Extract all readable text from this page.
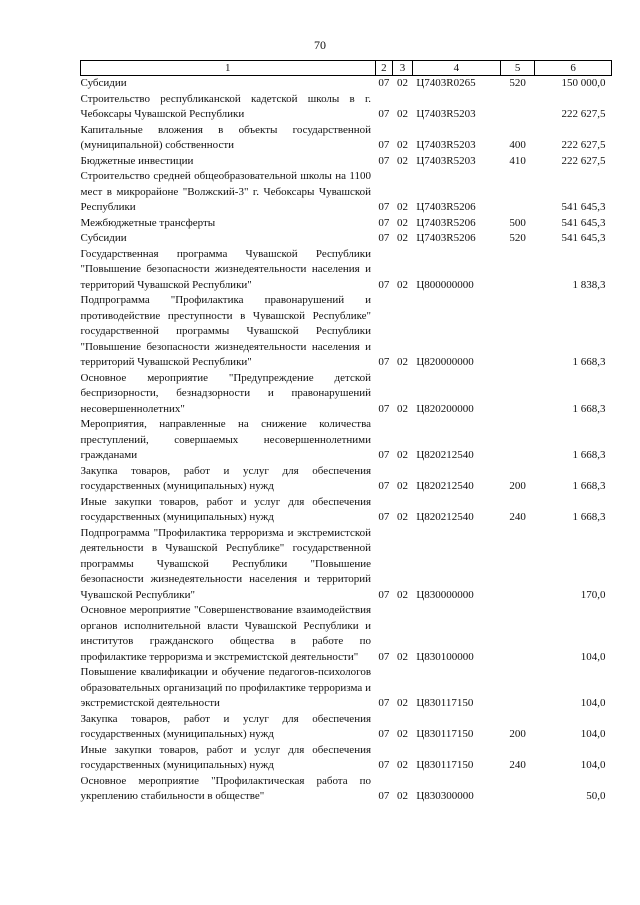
70
1	2	3	4	5	6
Субсидии	07	02	Ц7403R0265	520	150 000,0
Строительство республиканской кадетской школы в г. Чебоксары Чувашской Республики	07	02	Ц7403R5203		222 627,5
Капитальные вложения в объекты государственной (муниципальной) собственности	07	02	Ц7403R5203	400	222 627,5
Бюджетные инвестиции	07	02	Ц7403R5203	410	222 627,5
Строительство средней общеобразовательной школы на 1100 мест в микрорайоне "Волжский-3" г. Чебоксары Чувашской Республики	07	02	Ц7403R5206		541 645,3
Межбюджетные трансферты	07	02	Ц7403R5206	500	541 645,3
Субсидии	07	02	Ц7403R5206	520	541 645,3
Государственная программа Чувашской Республики "Повышение безопасности жизнедеятельности населения и территорий Чувашской Республики"	07	02	Ц800000000		1 838,3
Подпрограмма "Профилактика правонарушений и противодействие преступности в Чувашской Республике" государственной программы Чувашской Республики "Повышение безопасности жизнедеятельности населения и территорий Чувашской Республики"	07	02	Ц820000000		1 668,3
Основное мероприятие "Предупреждение детской беспризорности, безнадзорности и правонарушений несовершеннолетних"	07	02	Ц820200000		1 668,3
Мероприятия, направленные на снижение количества преступлений, совершаемых несовершеннолетними гражданами	07	02	Ц820212540		1 668,3
Закупка товаров, работ и услуг для обеспечения государственных (муниципальных) нужд	07	02	Ц820212540	200	1 668,3
Иные закупки товаров, работ и услуг для обеспечения государственных (муниципальных) нужд	07	02	Ц820212540	240	1 668,3
Подпрограмма "Профилактика терроризма и экстремистской деятельности в Чувашской Республике" государственной программы Чувашской Республики "Повышение безопасности жизнедеятельности населения и территорий Чувашской Республики"	07	02	Ц830000000		170,0
Основное мероприятие "Совершенствование взаимодействия органов исполнительной власти Чувашской Республики и институтов гражданского общества в работе по профилактике терроризма и экстремистской деятельности"	07	02	Ц830100000		104,0
Повышение квалификации и обучение педагогов-психологов образовательных организаций по профилактике терроризма и экстремистской деятельности	07	02	Ц830117150		104,0
Закупка товаров, работ и услуг для обеспечения государственных (муниципальных) нужд	07	02	Ц830117150	200	104,0
Иные закупки товаров, работ и услуг для обеспечения государственных (муниципальных) нужд	07	02	Ц830117150	240	104,0
Основное мероприятие "Профилактическая работа по укреплению стабильности в обществе"	07	02	Ц830300000		50,0
